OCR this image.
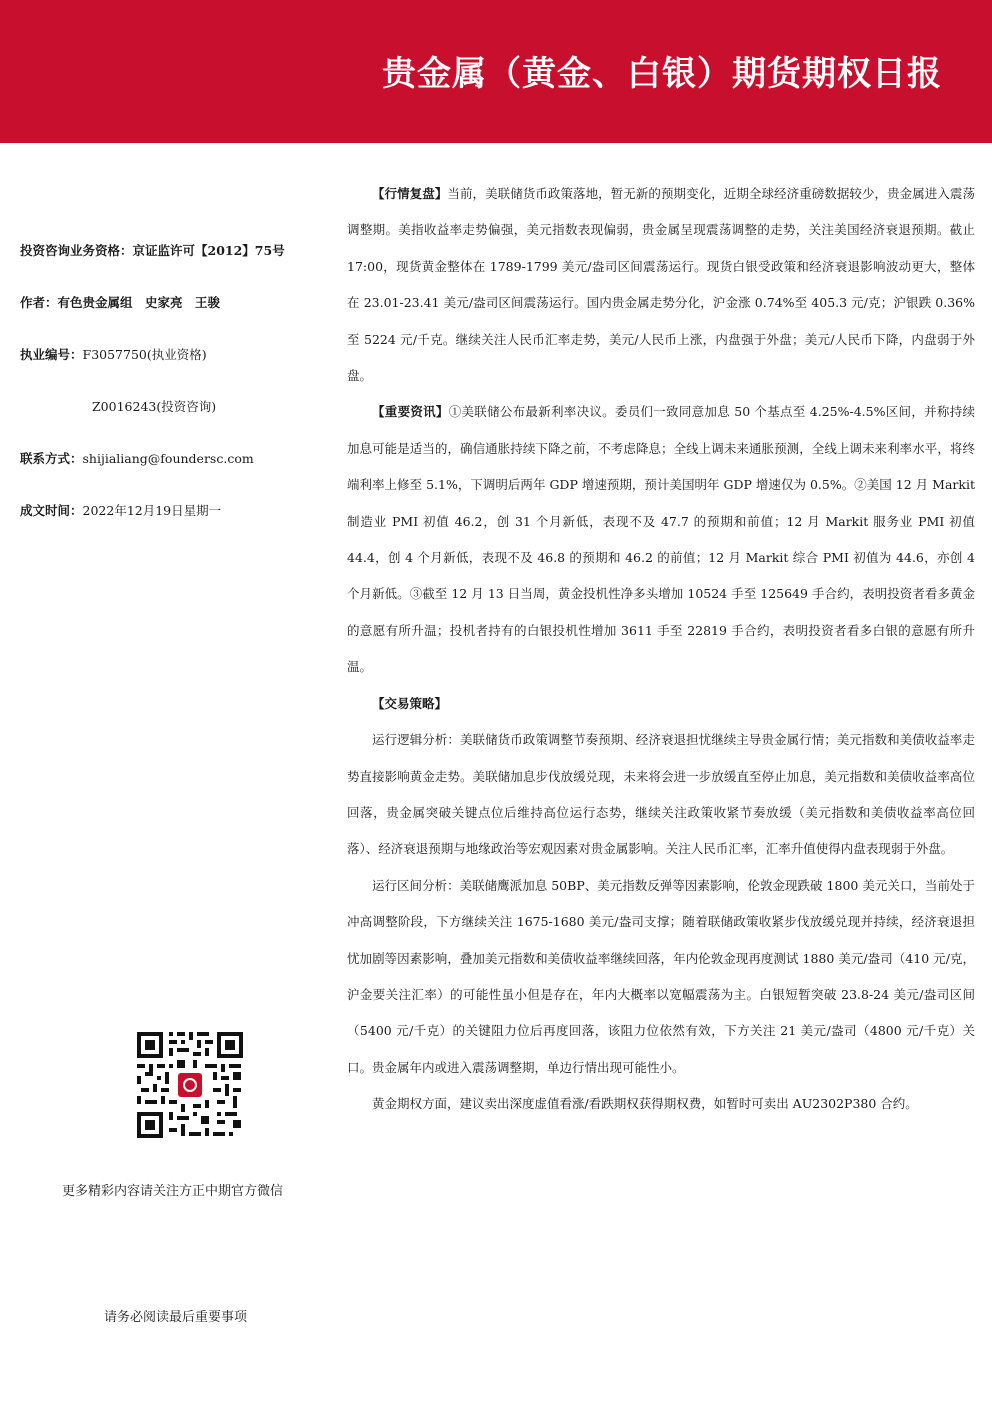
贵金属（黄金、白银）期货期权日报
投资咨询业务资格：京证监许可【2012】75号
作者：有色贵金属组　史家亮　王骏
执业编号：F3057750(执业资格)
Z0016243(投资咨询)
联系方式：shijialiang@foundersc.com
成文时间：2022年12月19日星期一
更多精彩内容请关注方正中期官方微信
请务必阅读最后重要事项

【行情复盘】当前，美联储货币政策落地，暂无新的预期变化，近期全球经济重磅数据较少，贵金属进入震荡调整期。美指收益率走势偏强，美元指数表现偏弱，贵金属呈现震荡调整的走势，关注美国经济衰退预期。截止 17:00，现货黄金整体在 1789-1799 美元/盎司区间震荡运行。现货白银受政策和经济衰退影响波动更大，整体在 23.01-23.41 美元/盎司区间震荡运行。国内贵金属走势分化，沪金涨 0.74%至 405.3 元/克；沪银跌 0.36%至 5224 元/千克。继续关注人民币汇率走势，美元/人民币上涨，内盘强于外盘；美元/人民币下降，内盘弱于外盘。

【重要资讯】①美联储公布最新利率决议。委员们一致同意加息 50 个基点至 4.25%-4.5%区间，并称持续加息可能是适当的，确信通胀持续下降之前，不考虑降息；全线上调未来通胀预测，全线上调未来利率水平，将终端利率上修至 5.1%，下调明后两年 GDP 增速预期，预计美国明年 GDP 增速仅为 0.5%。②美国 12 月 Markit 制造业 PMI 初值 46.2，创 31 个月新低，表现不及 47.7 的预期和前值；12 月 Markit 服务业 PMI 初值 44.4，创 4 个月新低，表现不及 46.8 的预期和 46.2 的前值；12 月 Markit 综合 PMI 初值为 44.6，亦创 4 个月新低。③截至 12 月 13 日当周，黄金投机性净多头增加 10524 手至 125649 手合约，表明投资者看多黄金的意愿有所升温；投机者持有的白银投机性增加 3611 手至 22819 手合约，表明投资者看多白银的意愿有所升温。

【交易策略】

运行逻辑分析：美联储货币政策调整节奏预期、经济衰退担忧继续主导贵金属行情；美元指数和美债收益率走势直接影响黄金走势。美联储加息步伐放缓兑现，未来将会进一步放缓直至停止加息，美元指数和美债收益率高位回落，贵金属突破关键点位后维持高位运行态势，继续关注政策收紧节奏放缓（美元指数和美债收益率高位回落）、经济衰退预期与地缘政治等宏观因素对贵金属影响。关注人民币汇率，汇率升值使得内盘表现弱于外盘。

运行区间分析：美联储鹰派加息 50BP、美元指数反弹等因素影响，伦敦金现跌破 1800 美元关口，当前处于冲高调整阶段，下方继续关注 1675-1680 美元/盎司支撑；随着联储政策收紧步伐放缓兑现并持续，经济衰退担忧加剧等因素影响，叠加美元指数和美债收益率继续回落，年内伦敦金现再度测试 1880 美元/盎司（410 元/克，沪金要关注汇率）的可能性虽小但是存在，年内大概率以宽幅震荡为主。白银短暂突破 23.8-24 美元/盎司区间（5400 元/千克）的关键阻力位后再度回落，该阻力位依然有效，下方关注 21 美元/盎司（4800 元/千克）关口。贵金属年内或进入震荡调整期，单边行情出现可能性小。

黄金期权方面，建议卖出深度虚值看涨/看跌期权获得期权费，如暂时可卖出 AU2302P380 合约。
